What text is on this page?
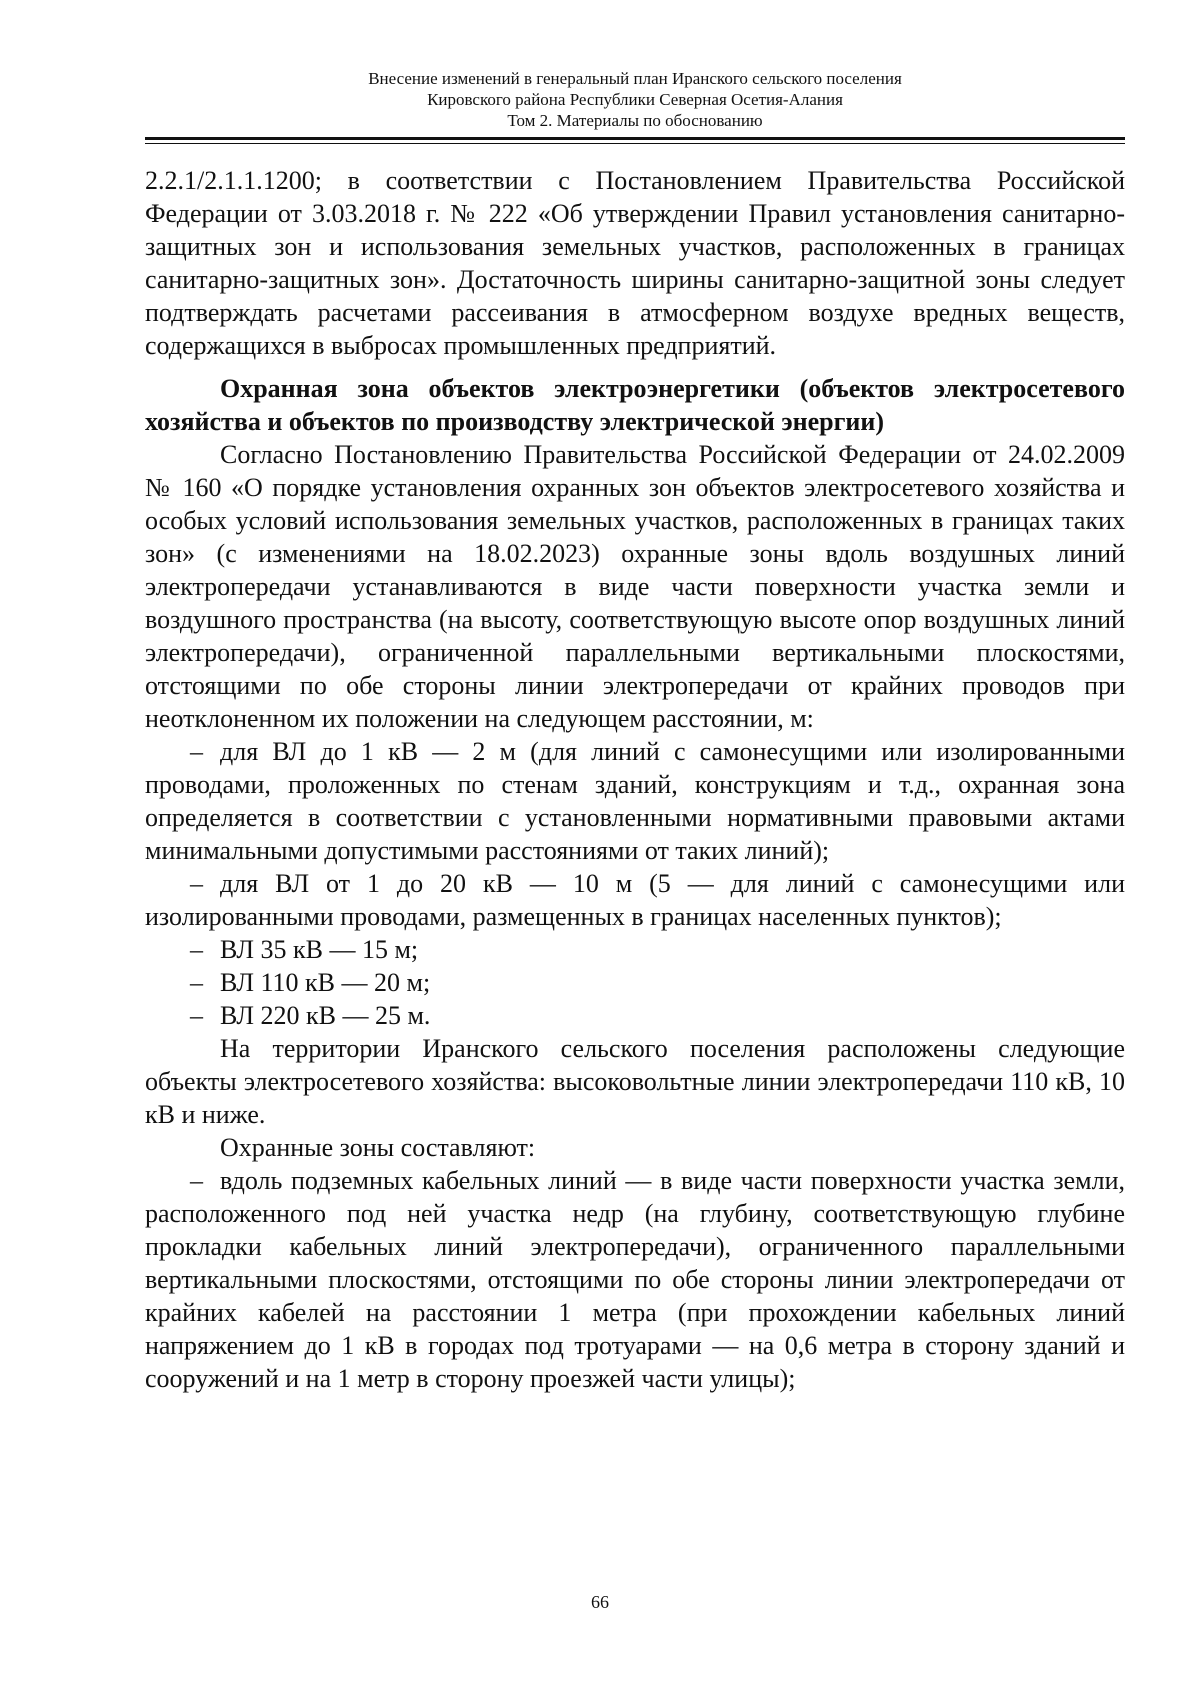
Внесение изменений в генеральный план Иранского сельского поселения
Кировского района Республики Северная Осетия-Алания
Том 2. Материалы по обоснованию

2.2.1/2.1.1.1200; в соответствии с Постановлением Правительства Российской Федерации от 3.03.2018 г. № 222 «Об утверждении Правил установления санитарно-защитных зон и использования земельных участков, расположенных в границах санитарно-защитных зон». Достаточность ширины санитарно-защитной зоны следует подтверждать расчетами рассеивания в атмосферном воздухе вредных веществ, содержащихся в выбросах промышленных предприятий.

Охранная зона объектов электроэнергетики (объектов электросетевого хозяйства и объектов по производству электрической энергии)

Согласно Постановлению Правительства Российской Федерации от 24.02.2009 № 160 «О порядке установления охранных зон объектов электросетевого хозяйства и особых условий использования земельных участков, расположенных в границах таких зон» (с изменениями на 18.02.2023) охранные зоны вдоль воздушных линий электропередачи устанавливаются в виде части поверхности участка земли и воздушного пространства (на высоту, соответствующую высоте опор воздушных линий электропередачи), ограниченной параллельными вертикальными плоскостями, отстоящими по обе стороны линии электропередачи от крайних проводов при неотклоненном их положении на следующем расстоянии, м:

– для ВЛ до 1 кВ — 2 м (для линий с самонесущими или изолированными проводами, проложенных по стенам зданий, конструкциям и т.д., охранная зона определяется в соответствии с установленными нормативными правовыми актами минимальными допустимыми расстояниями от таких линий);

– для ВЛ от 1 до 20 кВ — 10 м (5 — для линий с самонесущими или изолированными проводами, размещенных в границах населенных пунктов);

– ВЛ 35 кВ — 15 м;

– ВЛ 110 кВ — 20 м;

– ВЛ 220 кВ — 25 м.

На территории Иранского сельского поселения расположены следующие объекты электросетевого хозяйства: высоковольтные линии электропередачи 110 кВ, 10 кВ и ниже.

Охранные зоны составляют:

– вдоль подземных кабельных линий — в виде части поверхности участка земли, расположенного под ней участка недр (на глубину, соответствующую глубине прокладки кабельных линий электропередачи), ограниченного параллельными вертикальными плоскостями, отстоящими по обе стороны линии электропередачи от крайних кабелей на расстоянии 1 метра (при прохождении кабельных линий напряжением до 1 кВ в городах под тротуарами — на 0,6 метра в сторону зданий и сооружений и на 1 метр в сторону проезжей части улицы);

66
